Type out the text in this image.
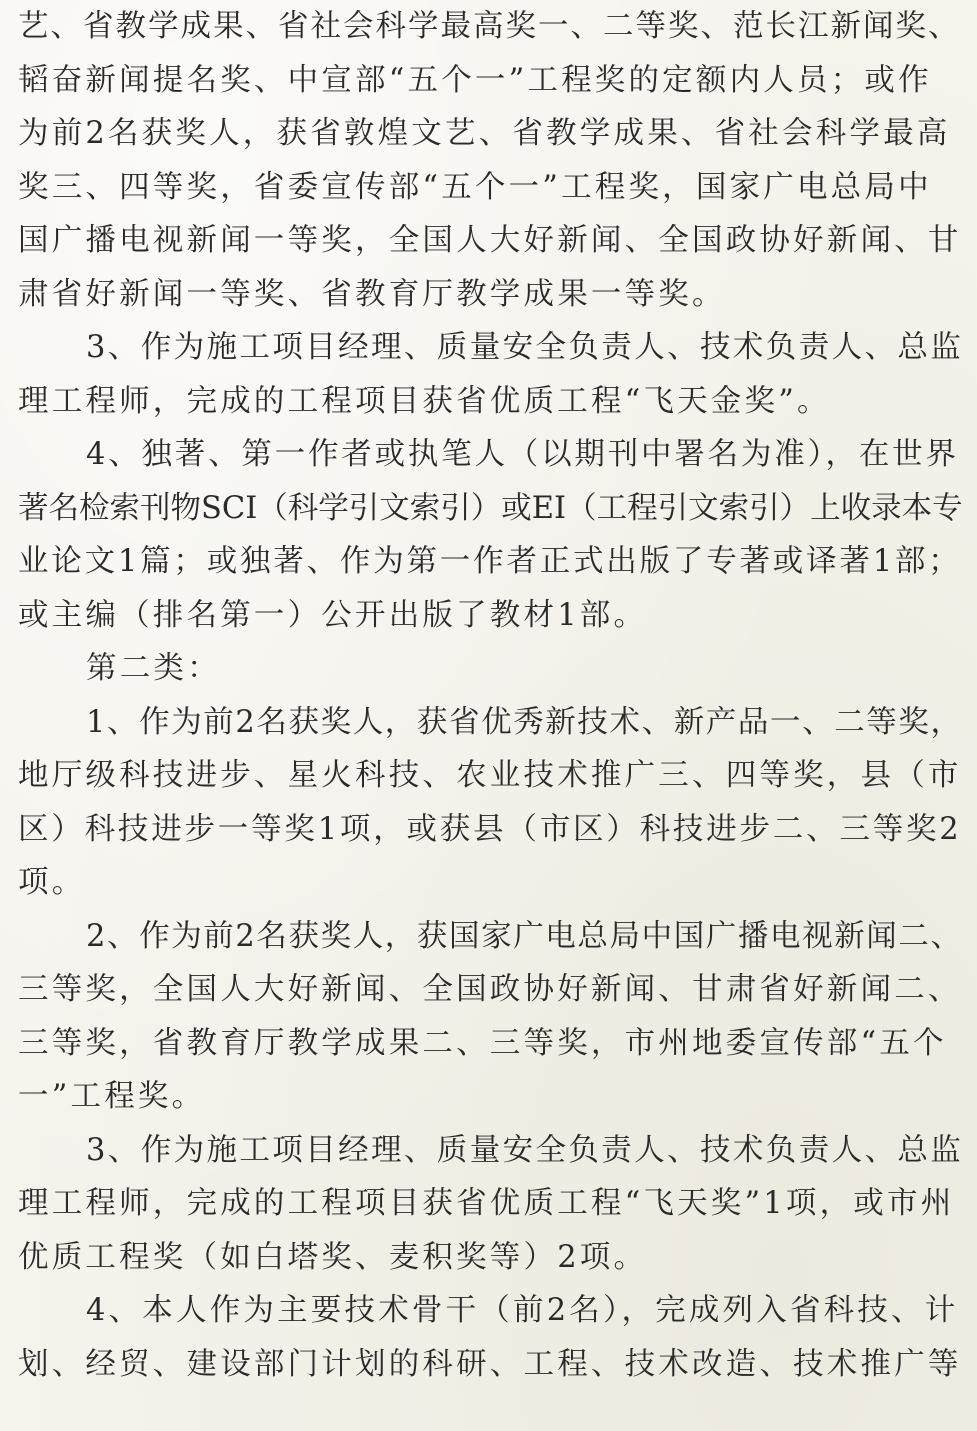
艺、省教学成果、省社会科学最高奖一、二等奖、范长江新闻奖、
韬奋新闻提名奖、中宣部“五个一”工程奖的定额内人员；或作
为前2名获奖人，获省敦煌文艺、省教学成果、省社会科学最高
奖三、四等奖，省委宣传部“五个一”工程奖，国家广电总局中
国广播电视新闻一等奖，全国人大好新闻、全国政协好新闻、甘
肃省好新闻一等奖、省教育厅教学成果一等奖。
3、作为施工项目经理、质量安全负责人、技术负责人、总监
理工程师，完成的工程项目获省优质工程“飞天金奖”。
4、独著、第一作者或执笔人（以期刊中署名为准），在世界
著名检索刊物SCI（科学引文索引）或EI（工程引文索引）上收录本专
业论文1篇；或独著、作为第一作者正式出版了专著或译著1部；
或主编（排名第一）公开出版了教材1部。
第二类：
1、作为前2名获奖人，获省优秀新技术、新产品一、二等奖，
地厅级科技进步、星火科技、农业技术推广三、四等奖，县（市
区）科技进步一等奖1项，或获县（市区）科技进步二、三等奖2
项。
2、作为前2名获奖人，获国家广电总局中国广播电视新闻二、
三等奖，全国人大好新闻、全国政协好新闻、甘肃省好新闻二、
三等奖，省教育厅教学成果二、三等奖，市州地委宣传部“五个
一”工程奖。
3、作为施工项目经理、质量安全负责人、技术负责人、总监
理工程师，完成的工程项目获省优质工程“飞天奖”1项，或市州
优质工程奖（如白塔奖、麦积奖等）2项。
4、本人作为主要技术骨干（前2名），完成列入省科技、计
划、经贸、建设部门计划的科研、工程、技术改造、技术推广等
